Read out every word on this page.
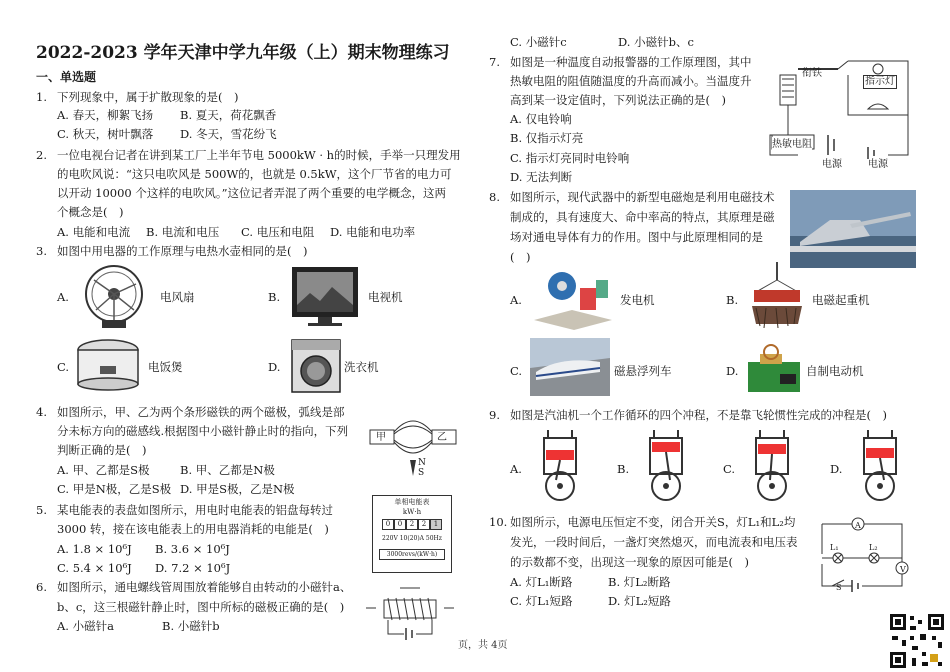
2022-2023 学年天津中学九年级（上）期末物理练习
一、单选题
1. 下列现象中，属于扩散现象的是(　)
A. 春天，柳絮飞扬 B. 夏天，荷花飘香
C. 秋天，树叶飘落 D. 冬天，雪花纷飞
2. 一位电视台记者在讲到某工厂上半年节电 5000kW · h的时候，手举一只理发用
的电吹风说：“这只电吹风是 500W的，也就是 0.5kW，这个厂节省的电力可
以开动 10000 个这样的电吹风。”这位记者弄混了两个重要的电学概念，这两
个概念是(　)
A. 电能和电流 B. 电流和电压 C. 电压和电阻 D. 电能和电功率
3. 如图中用电器的工作原理与电热水壶相同的是(　)
A.	电风扇	B.	电视机
C.	电饭煲	D.	洗衣机
4. 如图所示，甲、乙为两个条形磁铁的两个磁极，弧线是部
分未标方向的磁感线.根据图中小磁针静止时的指向，下列
判断正确的是(　)
A. 甲、乙都是S极	B. 甲、乙都是N极
C. 甲是N极，乙是S极 D. 甲是S极，乙是N极
甲	乙
N
S
5. 某电能表的表盘如图所示，用电时电能表的铝盘每转过
3000 转，接在该电能表上的用电器消耗的电能是(　)
A. 1.8 × 10⁶J B. 3.6 × 10⁶J
C. 5.4 × 10⁶J D. 7.2 × 10⁶J
单相电能表
kW·h
0	0	2	2	1
220V 10(20)A 50Hz
3000revs/(kW·h)
6. 如图所示，通电螺线管周围放着能够自由转动的小磁针a、
b、c，这三根磁针静止时，图中所标的磁极正确的是(　)
A. 小磁针a	B. 小磁针b
C. 小磁针c	D. 小磁针b、c
7. 如图是一种温度自动报警器的工作原理图，其中
热敏电阻的阻值随温度的升高而减小。当温度升
高到某一设定值时，下列说法正确的是(　)
A. 仅电铃响
B. 仅指示灯亮
C. 指示灯亮同时电铃响
D. 无法判断
衔铁
指示灯
热敏电阻
电源	电源
8. 如图所示，现代武器中的新型电磁炮是利用电磁技术
制成的，具有速度大、命中率高的特点，其原理是磁
场对通电导体有力的作用。图中与此原理相同的是
(　)
A.	发电机	B.	电磁起重机
C.	磁悬浮列车	D.	自制电动机
9. 如图是汽油机一个工作循环的四个冲程，不是靠飞轮惯性完成的冲程是(　)
A.	B.	C.	D.
10. 如图所示，电源电压恒定不变，闭合开关S，灯L₁和L₂均
发光，一段时间后，一盏灯突然熄灭，而电流表和电压表
的示数都不变，出现这一现象的原因可能是(　)
A. 灯L₁断路	B. 灯L₂断路
C. 灯L₁短路	D. 灯L₂短路
A
V
L₁	L₂
S
页，共 4页
